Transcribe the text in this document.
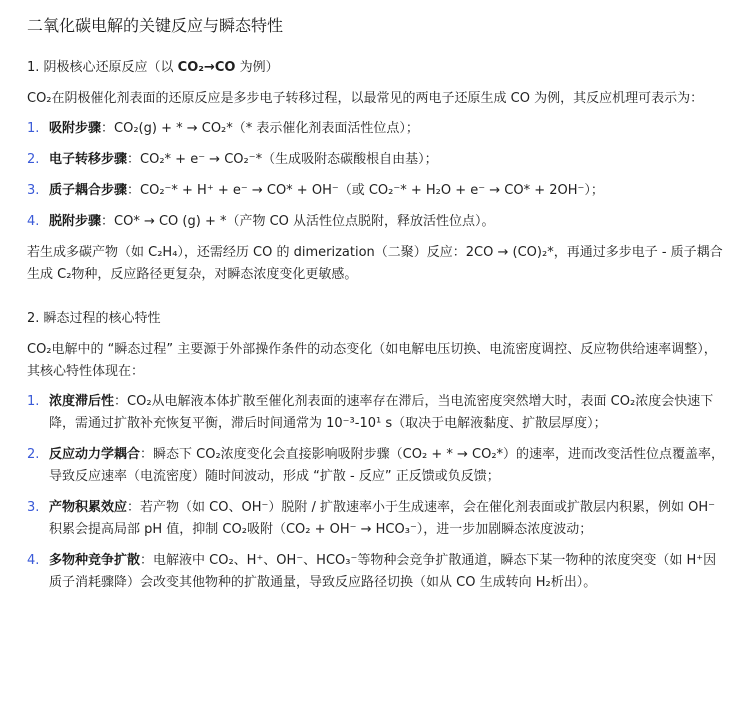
二氧化碳电解的关键反应与瞬态特性
1. 阴极核心还原反应（以 CO₂→CO 为例）
CO₂在阴极催化剂表面的还原反应是多步电子转移过程，以最常见的两电子还原生成 CO 为例，其反应机理可表示为：
1. 吸附步骤：CO₂(g) + * → CO₂*（* 表示催化剂表面活性位点）；
2. 电子转移步骤：CO₂* + e⁻ → CO₂⁻*（生成吸附态碳酸根自由基）；
3. 质子耦合步骤：CO₂⁻* + H⁺ + e⁻ → CO* + OH⁻（或 CO₂⁻* + H₂O + e⁻ → CO* + 2OH⁻）；
4. 脱附步骤：CO* → CO (g) + *（产物 CO 从活性位点脱附，释放活性位点）。
若生成多碳产物（如 C₂H₄），还需经历 CO 的 dimerization（二聚）反应：2CO → (CO)₂*，再通过多步电子 - 质子耦合生成 C₂物种，反应路径更复杂，对瞬态浓度变化更敏感。
2. 瞬态过程的核心特性
CO₂电解中的 “瞬态过程” 主要源于外部操作条件的动态变化（如电解电压切换、电流密度调控、反应物供给速率调整），其核心特性体现在：
1. 浓度滞后性：CO₂从电解液本体扩散至催化剂表面的速率存在滞后，当电流密度突然增大时，表面 CO₂浓度会快速下降，需通过扩散补充恢复平衡，滞后时间通常为 10⁻³-10¹ s（取决于电解液黏度、扩散层厚度）；
2. 反应动力学耦合：瞬态下 CO₂浓度变化会直接影响吸附步骤（CO₂ + * → CO₂*）的速率，进而改变活性位点覆盖率，导致反应速率（电流密度）随时间波动，形成 “扩散 - 反应” 正反馈或负反馈；
3. 产物积累效应：若产物（如 CO、OH⁻）脱附 / 扩散速率小于生成速率，会在催化剂表面或扩散层内积累，例如 OH⁻积累会提高局部 pH 值，抑制 CO₂吸附（CO₂ + OH⁻ → HCO₃⁻），进一步加剧瞬态浓度波动；
4. 多物种竞争扩散：电解液中 CO₂、H⁺、OH⁻、HCO₃⁻等物种会竞争扩散通道，瞬态下某一物种的浓度突变（如 H⁺因质子消耗骤降）会改变其他物种的扩散通量，导致反应路径切换（如从 CO 生成转向 H₂析出）。
